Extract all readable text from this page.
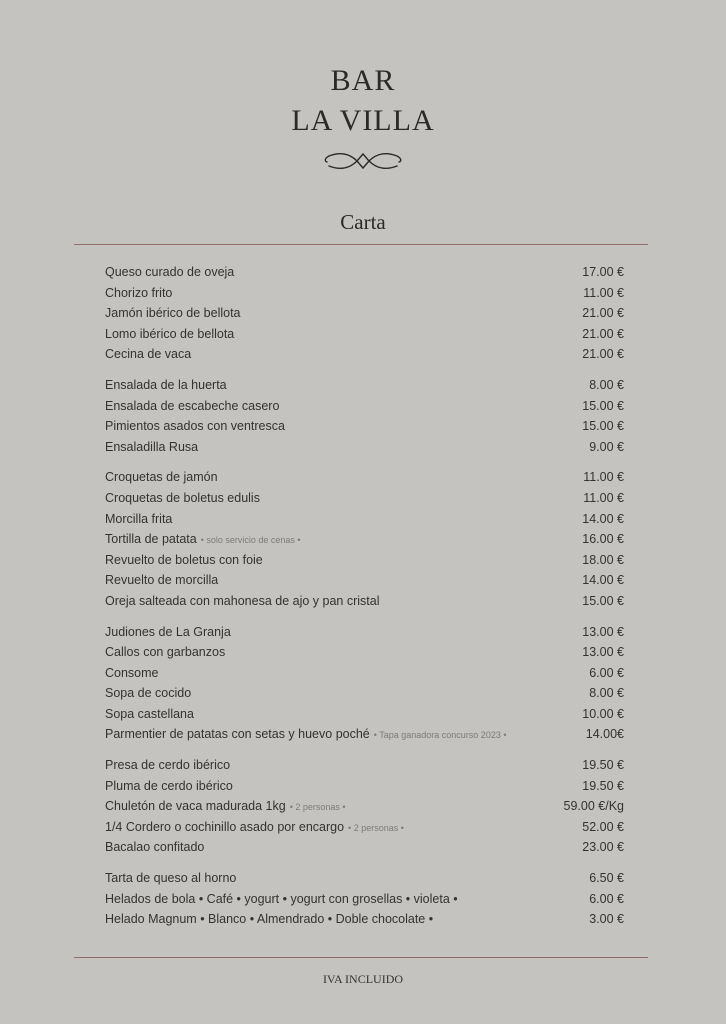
BAR
LA VILLA
Carta
Queso curado de oveja	17.00 €
Chorizo frito	11.00 €
Jamón ibérico de bellota	21.00 €
Lomo ibérico de bellota	21.00 €
Cecina de vaca	21.00 €
Ensalada de la huerta	8.00 €
Ensalada de escabeche casero	15.00 €
Pimientos asados con ventresca	15.00 €
Ensaladilla Rusa	9.00 €
Croquetas de jamón	11.00 €
Croquetas de boletus edulis	11.00 €
Morcilla frita	14.00 €
Tortilla de patata • solo servicio de cenas •	16.00 €
Revuelto de boletus con foie	18.00 €
Revuelto de morcilla	14.00 €
Oreja salteada con mahonesa de ajo y pan cristal	15.00 €
Judiones de La Granja	13.00 €
Callos con garbanzos	13.00 €
Consome	6.00 €
Sopa de cocido	8.00 €
Sopa castellana	10.00 €
Parmentier de patatas con setas y huevo poché • Tapa ganadora concurso 2023 •	14.00€
Presa de cerdo ibérico	19.50 €
Pluma de cerdo ibérico	19.50 €
Chuletón de vaca madurada 1kg • 2 personas •	59.00 €/Kg
1/4 Cordero o cochinillo asado por encargo • 2 personas •	52.00 €
Bacalao confitado	23.00 €
Tarta de queso al horno	6.50 €
Helados de bola • Café • yogurt • yogurt con grosellas • violeta •	6.00 €
Helado Magnum • Blanco • Almendrado • Doble chocolate •	3.00 €
IVA INCLUIDO
